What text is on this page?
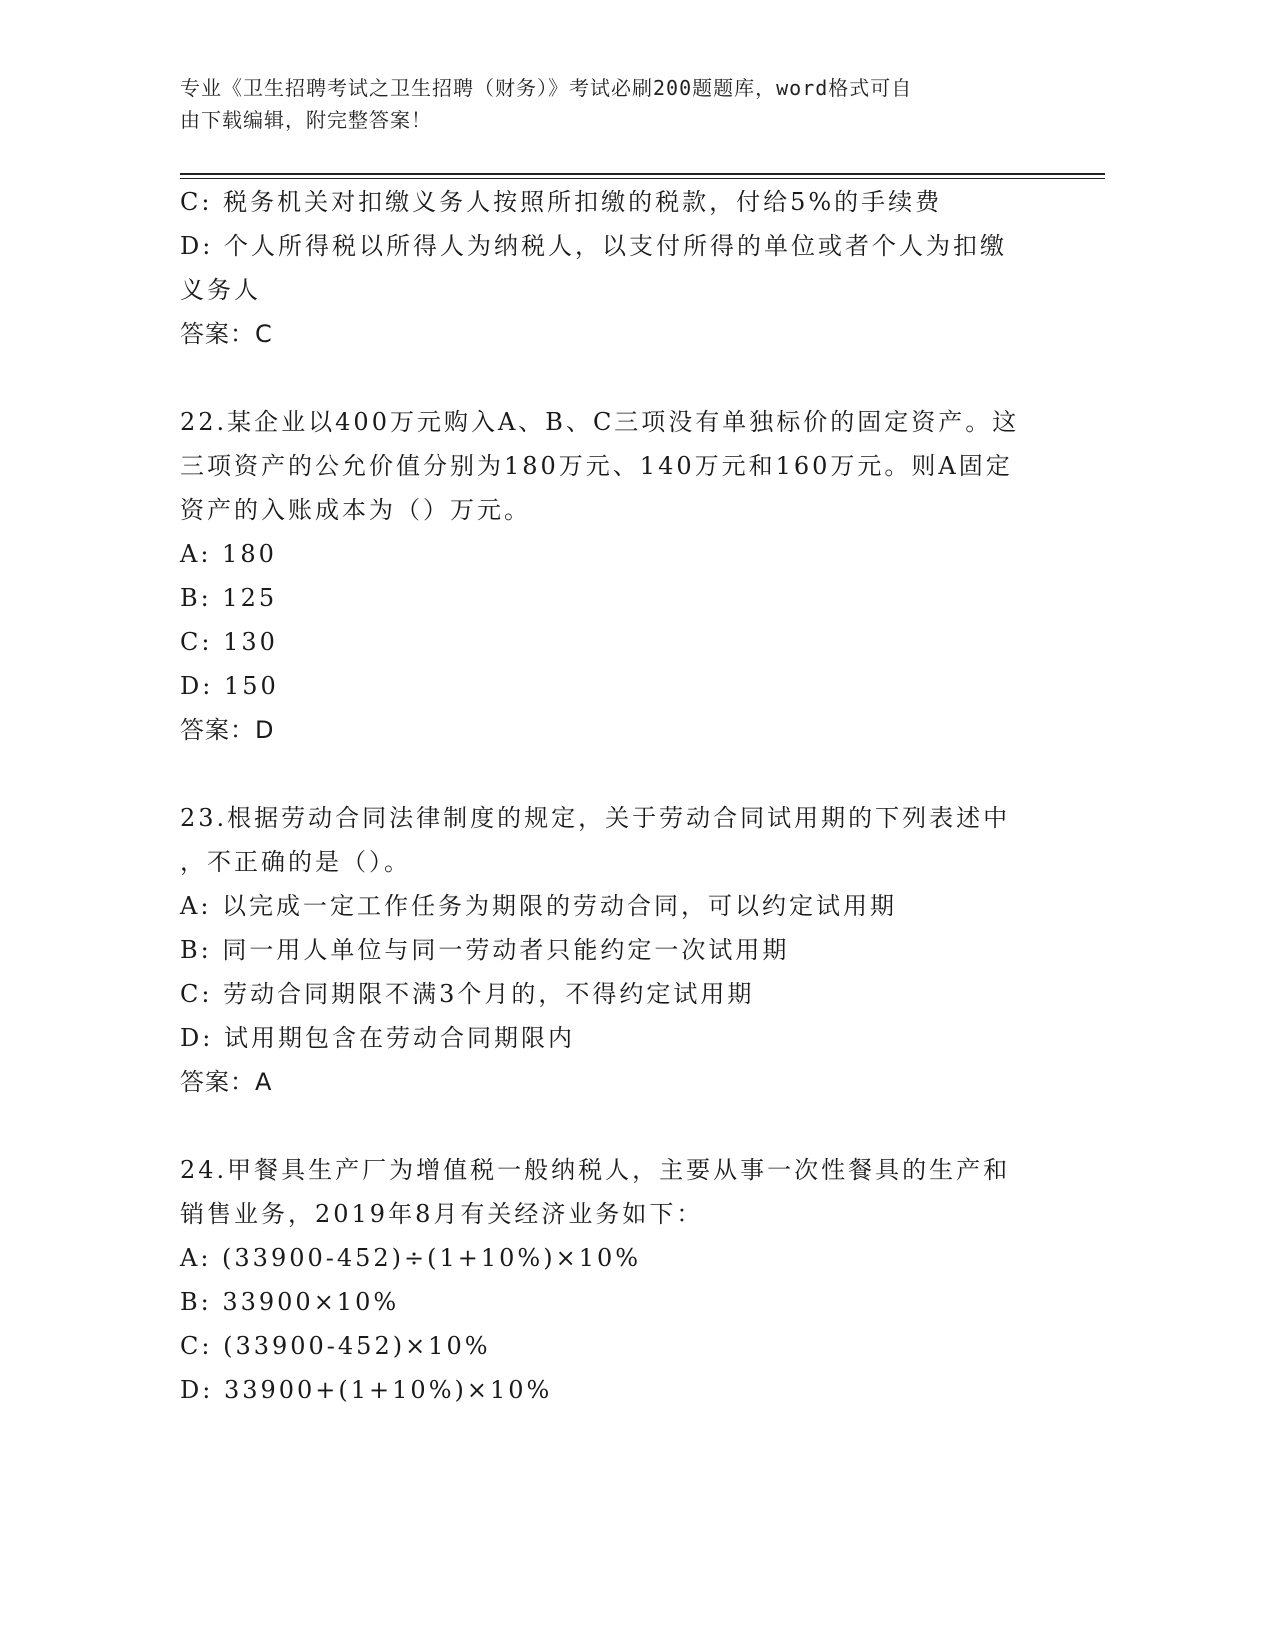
专业《卫生招聘考试之卫生招聘（财务）》考试必刷200题题库，word格式可自
由下载编辑，附完整答案！
C: 税务机关对扣缴义务人按照所扣缴的税款，付给5%的手续费
D: 个人所得税以所得人为纳税人，以支付所得的单位或者个人为扣缴
义务人
答案：C
22.某企业以400万元购入A、B、C三项没有单独标价的固定资产。这
三项资产的公允价值分别为180万元、140万元和160万元。则A固定
资产的入账成本为（）万元。
A: 180
B: 125
C: 130
D: 150
答案：D
23.根据劳动合同法律制度的规定，关于劳动合同试用期的下列表述中
，不正确的是（）。
A: 以完成一定工作任务为期限的劳动合同，可以约定试用期
B: 同一用人单位与同一劳动者只能约定一次试用期
C: 劳动合同期限不满3个月的，不得约定试用期
D: 试用期包含在劳动合同期限内
答案：A
24.甲餐具生产厂为增值税一般纳税人，主要从事一次性餐具的生产和
销售业务，2019年8月有关经济业务如下：
A: (33900-452)÷(1+10%)×10%
B: 33900×10%
C: (33900-452)×10%
D: 33900+(1+10%)×10%
